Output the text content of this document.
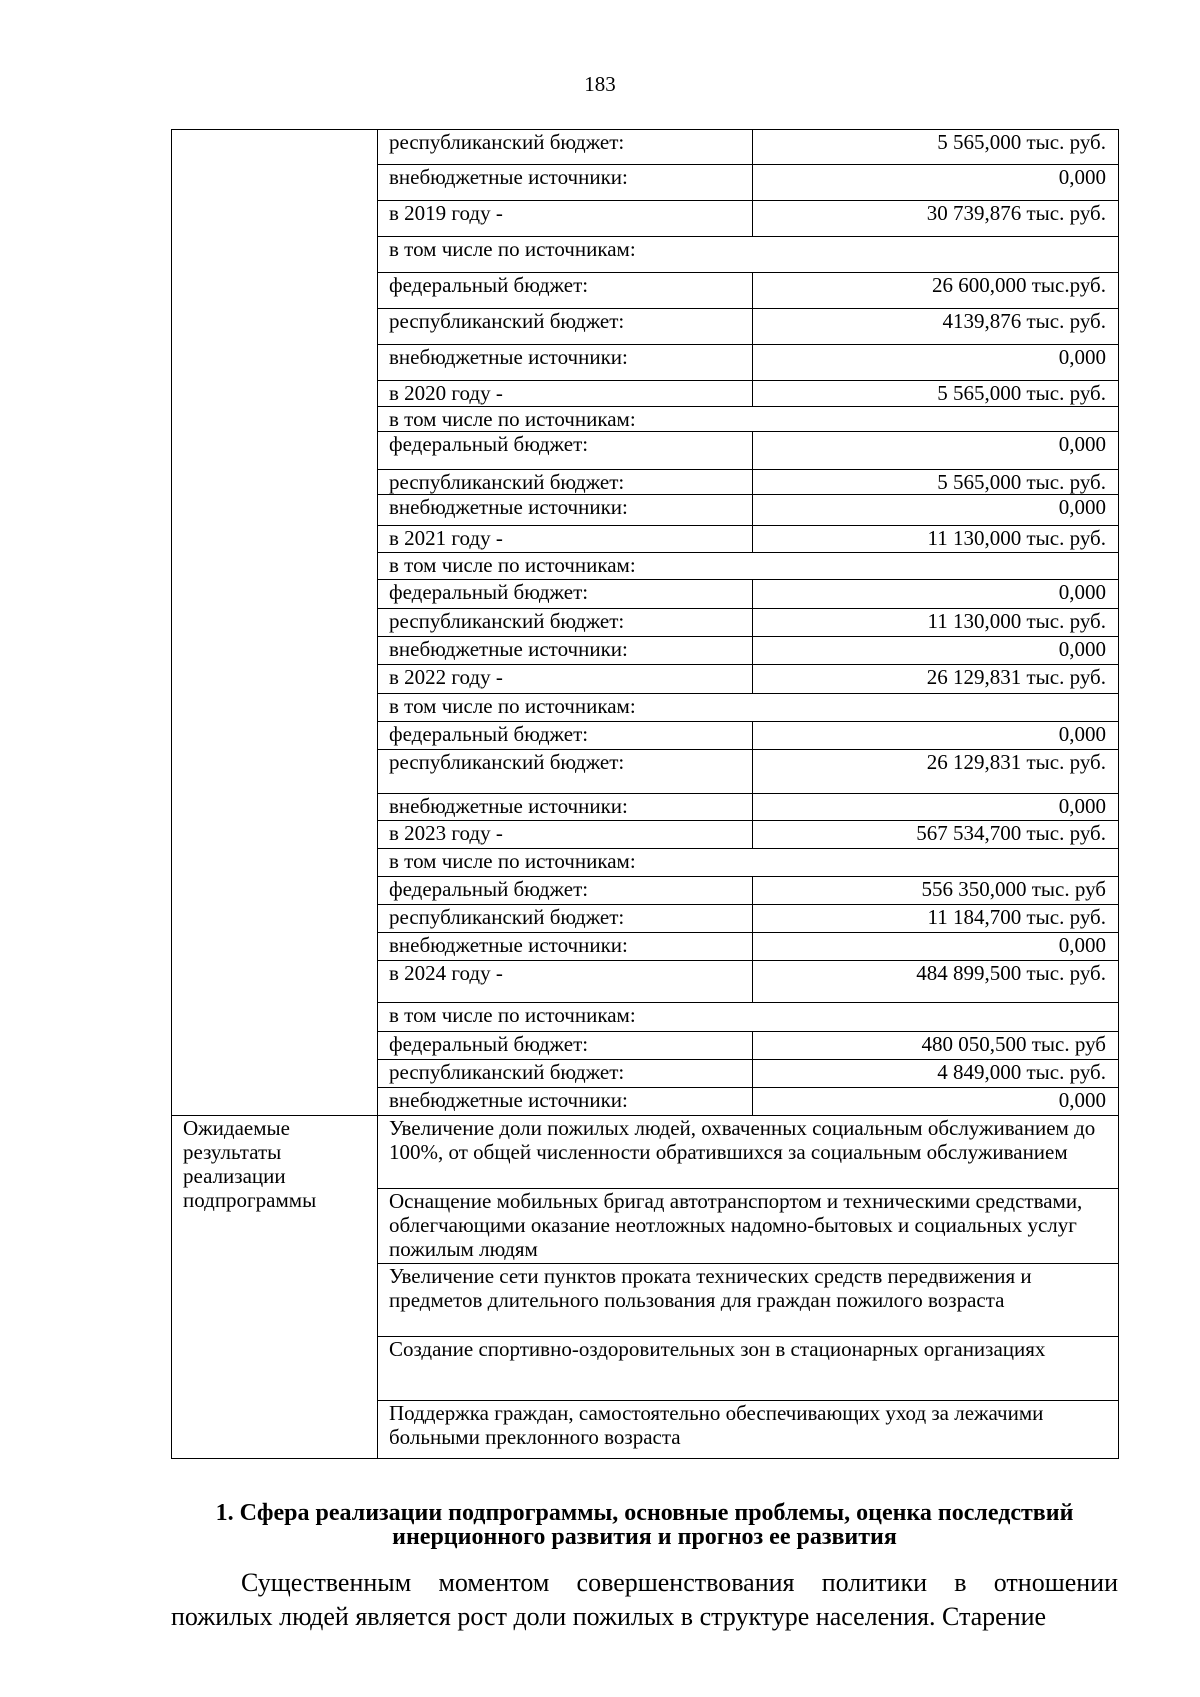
183
	республиканский бюджет:	5 565,000 тыс. руб.
	внебюджетные источники:	0,000
	в 2019 году -	30 739,876 тыс. руб.
	в том числе по источникам:	
	федеральный бюджет:	26 600,000 тыс.руб.
	республиканский бюджет:	4139,876 тыс. руб.
	внебюджетные источники:	0,000
	в 2020 году -	5 565,000 тыс. руб.
	в том числе по источникам:	
	федеральный бюджет:	0,000
	республиканский бюджет:	5 565,000 тыс. руб.
	внебюджетные источники:	0,000
	в 2021 году -	11 130,000 тыс. руб.
	в том числе по источникам:	
	федеральный бюджет:	0,000
	республиканский бюджет:	11 130,000 тыс. руб.
	внебюджетные источники:	0,000
	в 2022 году -	26 129,831 тыс. руб.
	в том числе по источникам:	
	федеральный бюджет:	0,000
	республиканский бюджет:	26 129,831 тыс. руб.
	внебюджетные источники:	0,000
	в 2023 году -	567 534,700 тыс. руб.
	в том числе по источникам:	
	федеральный бюджет:	556 350,000 тыс. руб
	республиканский бюджет:	11 184,700 тыс. руб.
	внебюджетные источники:	0,000
	в 2024 году -	484 899,500 тыс. руб.
	в том числе по источникам:	
	федеральный бюджет:	480 050,500 тыс. руб
	республиканский бюджет:	4 849,000 тыс. руб.
	внебюджетные источники:	0,000
Ожидаемые результаты реализации подпрограммы	Увеличение доли пожилых людей, охваченных социальным обслуживанием до 100%, от общей численности обратившихся за социальным обслуживанием	
	Оснащение мобильных бригад автотранспортом и техническими средствами, облегчающими оказание неотложных надомно-бытовых и социальных услуг пожилым людям	
	Увеличение сети пунктов проката технических средств передвижения и предметов длительного пользования для граждан пожилого возраста	
	Создание спортивно-оздоровительных зон в стационарных организациях	
	Поддержка граждан, самостоятельно обеспечивающих уход за лежачими больными преклонного возраста	
1. Сфера реализации подпрограммы, основные проблемы, оценка последствий инерционного развития и прогноз ее развития

Существенным моментом совершенствования политики в отношении пожилых людей является рост доли пожилых в структуре населения. Старение
